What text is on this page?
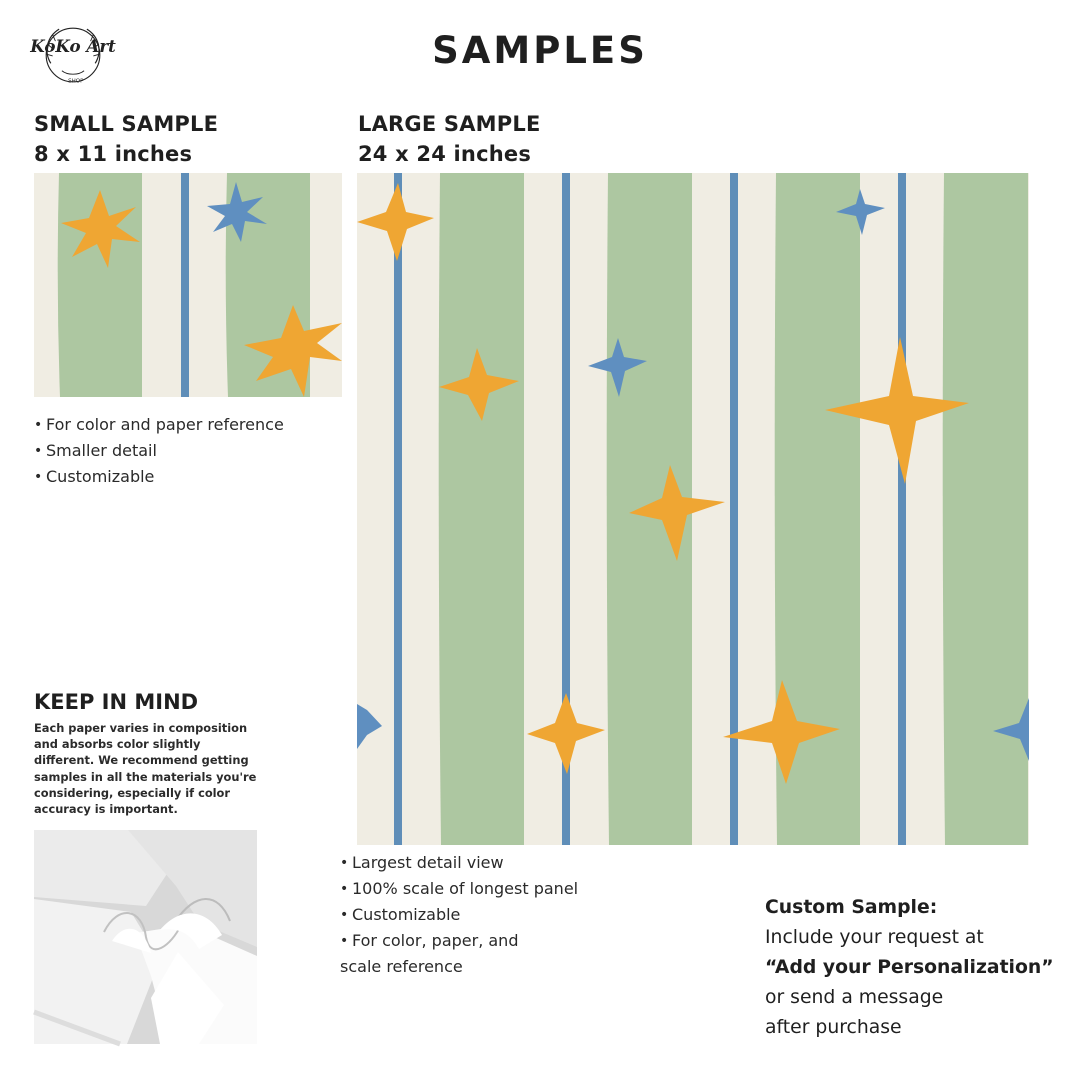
KoKo Art
SHOP
SAMPLES
SMALL SAMPLE
8 x 11 inches
LARGE SAMPLE
24 x 24 inches
• For color and paper reference
• Smaller detail
• Customizable
• Largest detail view
• 100% scale of longest panel
• Customizable
• For color, paper, and
scale reference
KEEP IN MIND

Each paper varies in composition and absorbs color slightly different. We recommend getting samples in all the materials you're considering, especially if color accuracy is important.

Custom Sample:
Include your request at
“Add your Personalization”
or send a message
after purchase
